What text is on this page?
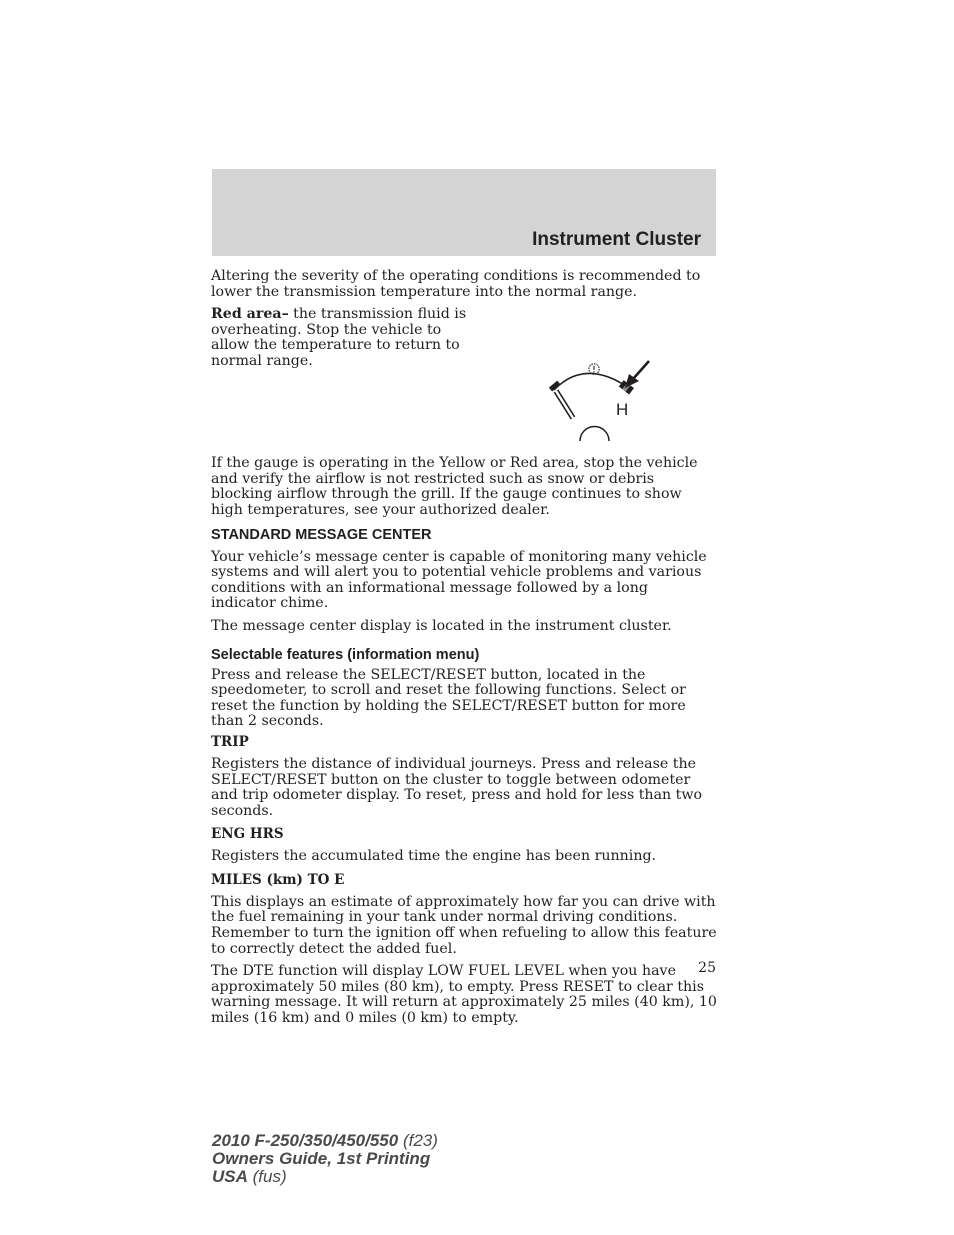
Instrument Cluster

Altering the severity of the operating conditions is recommended to lower the transmission temperature into the normal range.

Red area– the transmission fluid is overheating. Stop the vehicle to allow the temperature to return to normal range.

H

If the gauge is operating in the Yellow or Red area, stop the vehicle and verify the airflow is not restricted such as snow or debris blocking airflow through the grill. If the gauge continues to show high temperatures, see your authorized dealer.

STANDARD MESSAGE CENTER

Your vehicle’s message center is capable of monitoring many vehicle systems and will alert you to potential vehicle problems and various conditions with an informational message followed by a long indicator chime.

The message center display is located in the instrument cluster.

Selectable features (information menu)

Press and release the SELECT/RESET button, located in the speedometer, to scroll and reset the following functions. Select or reset the function by holding the SELECT/RESET button for more than 2 seconds.

TRIP

Registers the distance of individual journeys. Press and release the SELECT/RESET button on the cluster to toggle between odometer and trip odometer display. To reset, press and hold for less than two seconds.

ENG HRS

Registers the accumulated time the engine has been running.

MILES (km) TO E

This displays an estimate of approximately how far you can drive with the fuel remaining in your tank under normal driving conditions. Remember to turn the ignition off when refueling to allow this feature to correctly detect the added fuel.

The DTE function will display LOW FUEL LEVEL when you have approximately 50 miles (80 km), to empty. Press RESET to clear this warning message. It will return at approximately 25 miles (40 km), 10 miles (16 km) and 0 miles (0 km) to empty.

25
2010 F-250/350/450/550 (f23)
Owners Guide, 1st Printing
USA (fus)
